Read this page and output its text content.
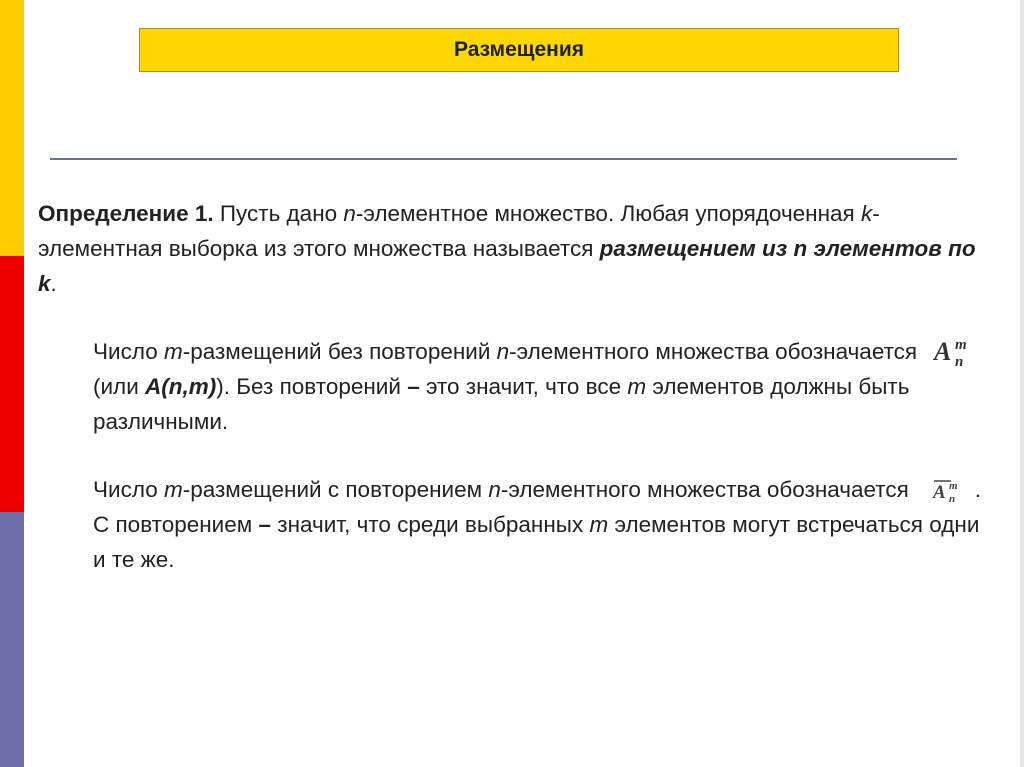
Размещения

Определение 1. Пусть дано n-элементное множество. Любая упорядоченная k-элементная выборка из этого множества называется размещением из n элементов по k.

Число m-размещений без повторений n-элементного множества обозначается A m
n
(или A(n,m)). Без повторений – это значит, что все m элементов должны быть различными.

Число m-размещений с повторением n-элементного множества обозначается A m
n . С повторением – значит, что среди выбранных m элементов могут встречаться одни и те же.
